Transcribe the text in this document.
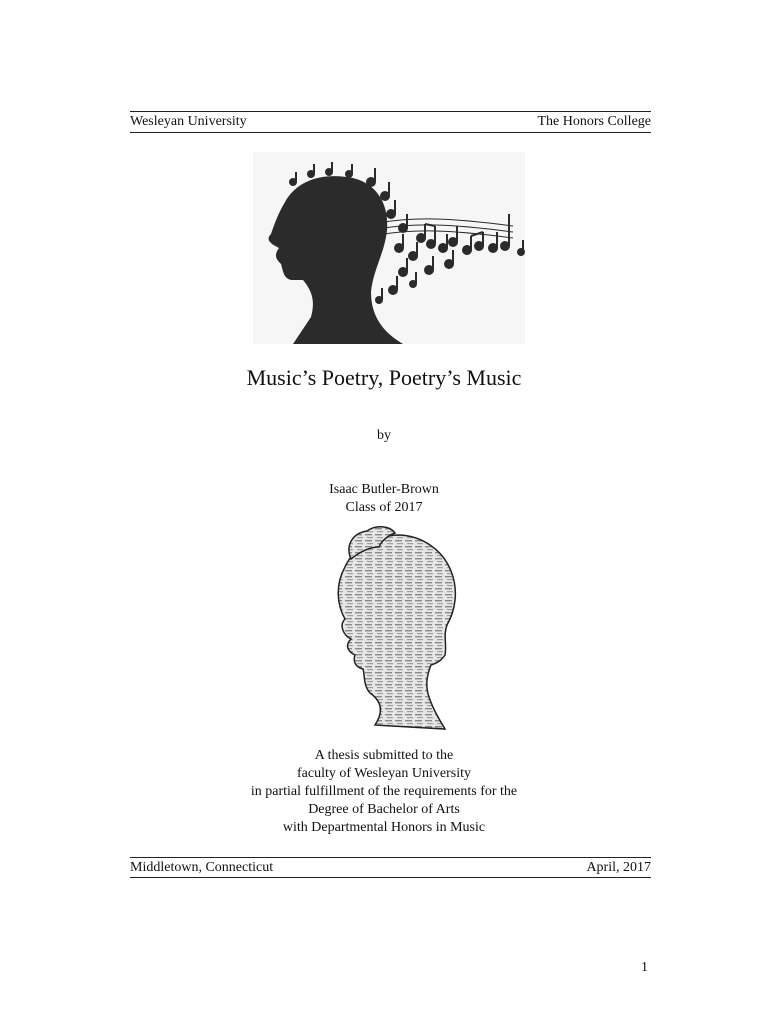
Wesleyan University	The Honors College
Music’s Poetry, Poetry’s Music
by
Isaac Butler-Brown
Class of 2017
A thesis submitted to the
faculty of Wesleyan University
in partial fulfillment of the requirements for the
Degree of Bachelor of Arts
with Departmental Honors in Music
Middletown, Connecticut	April, 2017
1
